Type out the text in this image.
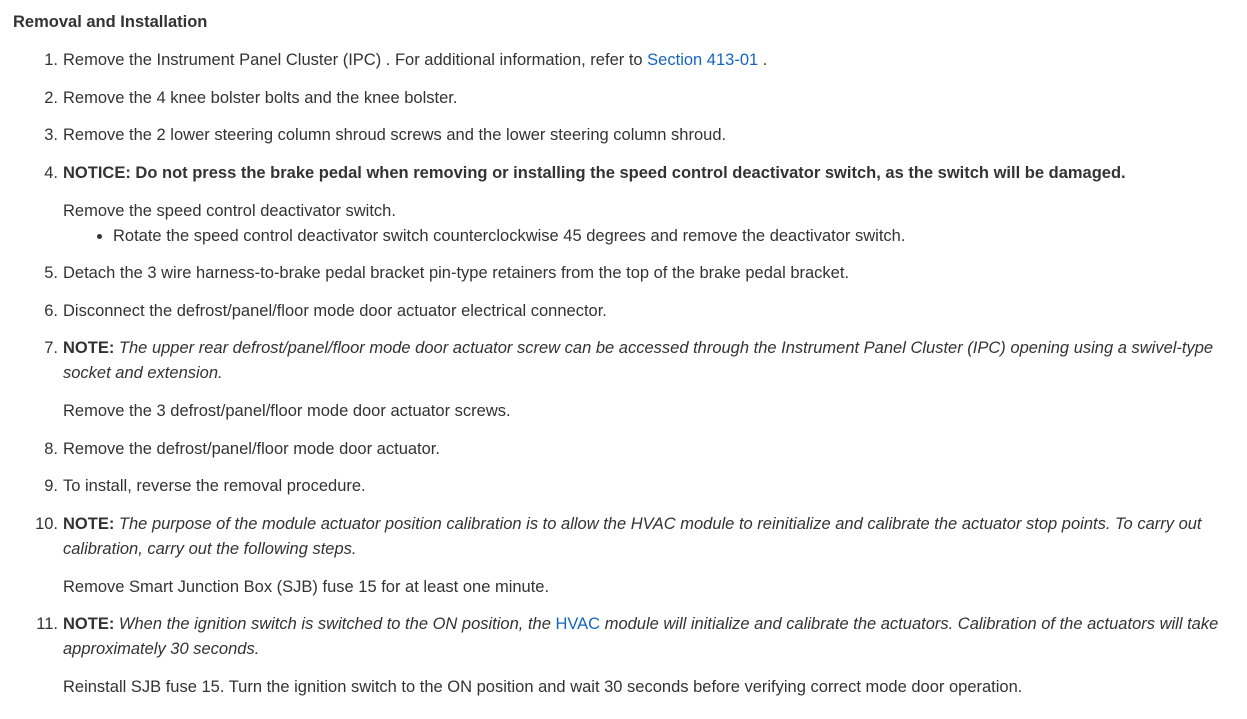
Removal and Installation
1. Remove the Instrument Panel Cluster (IPC) . For additional information, refer to Section 413-01 .
2. Remove the 4 knee bolster bolts and the knee bolster.
3. Remove the 2 lower steering column shroud screws and the lower steering column shroud.
4. NOTICE: Do not press the brake pedal when removing or installing the speed control deactivator switch, as the switch will be damaged.
Remove the speed control deactivator switch.
• Rotate the speed control deactivator switch counterclockwise 45 degrees and remove the deactivator switch.
5. Detach the 3 wire harness-to-brake pedal bracket pin-type retainers from the top of the brake pedal bracket.
6. Disconnect the defrost/panel/floor mode door actuator electrical connector.
7. NOTE: The upper rear defrost/panel/floor mode door actuator screw can be accessed through the Instrument Panel Cluster (IPC) opening using a swivel-type socket and extension.
Remove the 3 defrost/panel/floor mode door actuator screws.
8. Remove the defrost/panel/floor mode door actuator.
9. To install, reverse the removal procedure.
10. NOTE: The purpose of the module actuator position calibration is to allow the HVAC module to reinitialize and calibrate the actuator stop points. To carry out calibration, carry out the following steps.
Remove Smart Junction Box (SJB) fuse 15 for at least one minute.
11. NOTE: When the ignition switch is switched to the ON position, the HVAC module will initialize and calibrate the actuators. Calibration of the actuators will take approximately 30 seconds.
Reinstall SJB fuse 15. Turn the ignition switch to the ON position and wait 30 seconds before verifying correct mode door operation.
